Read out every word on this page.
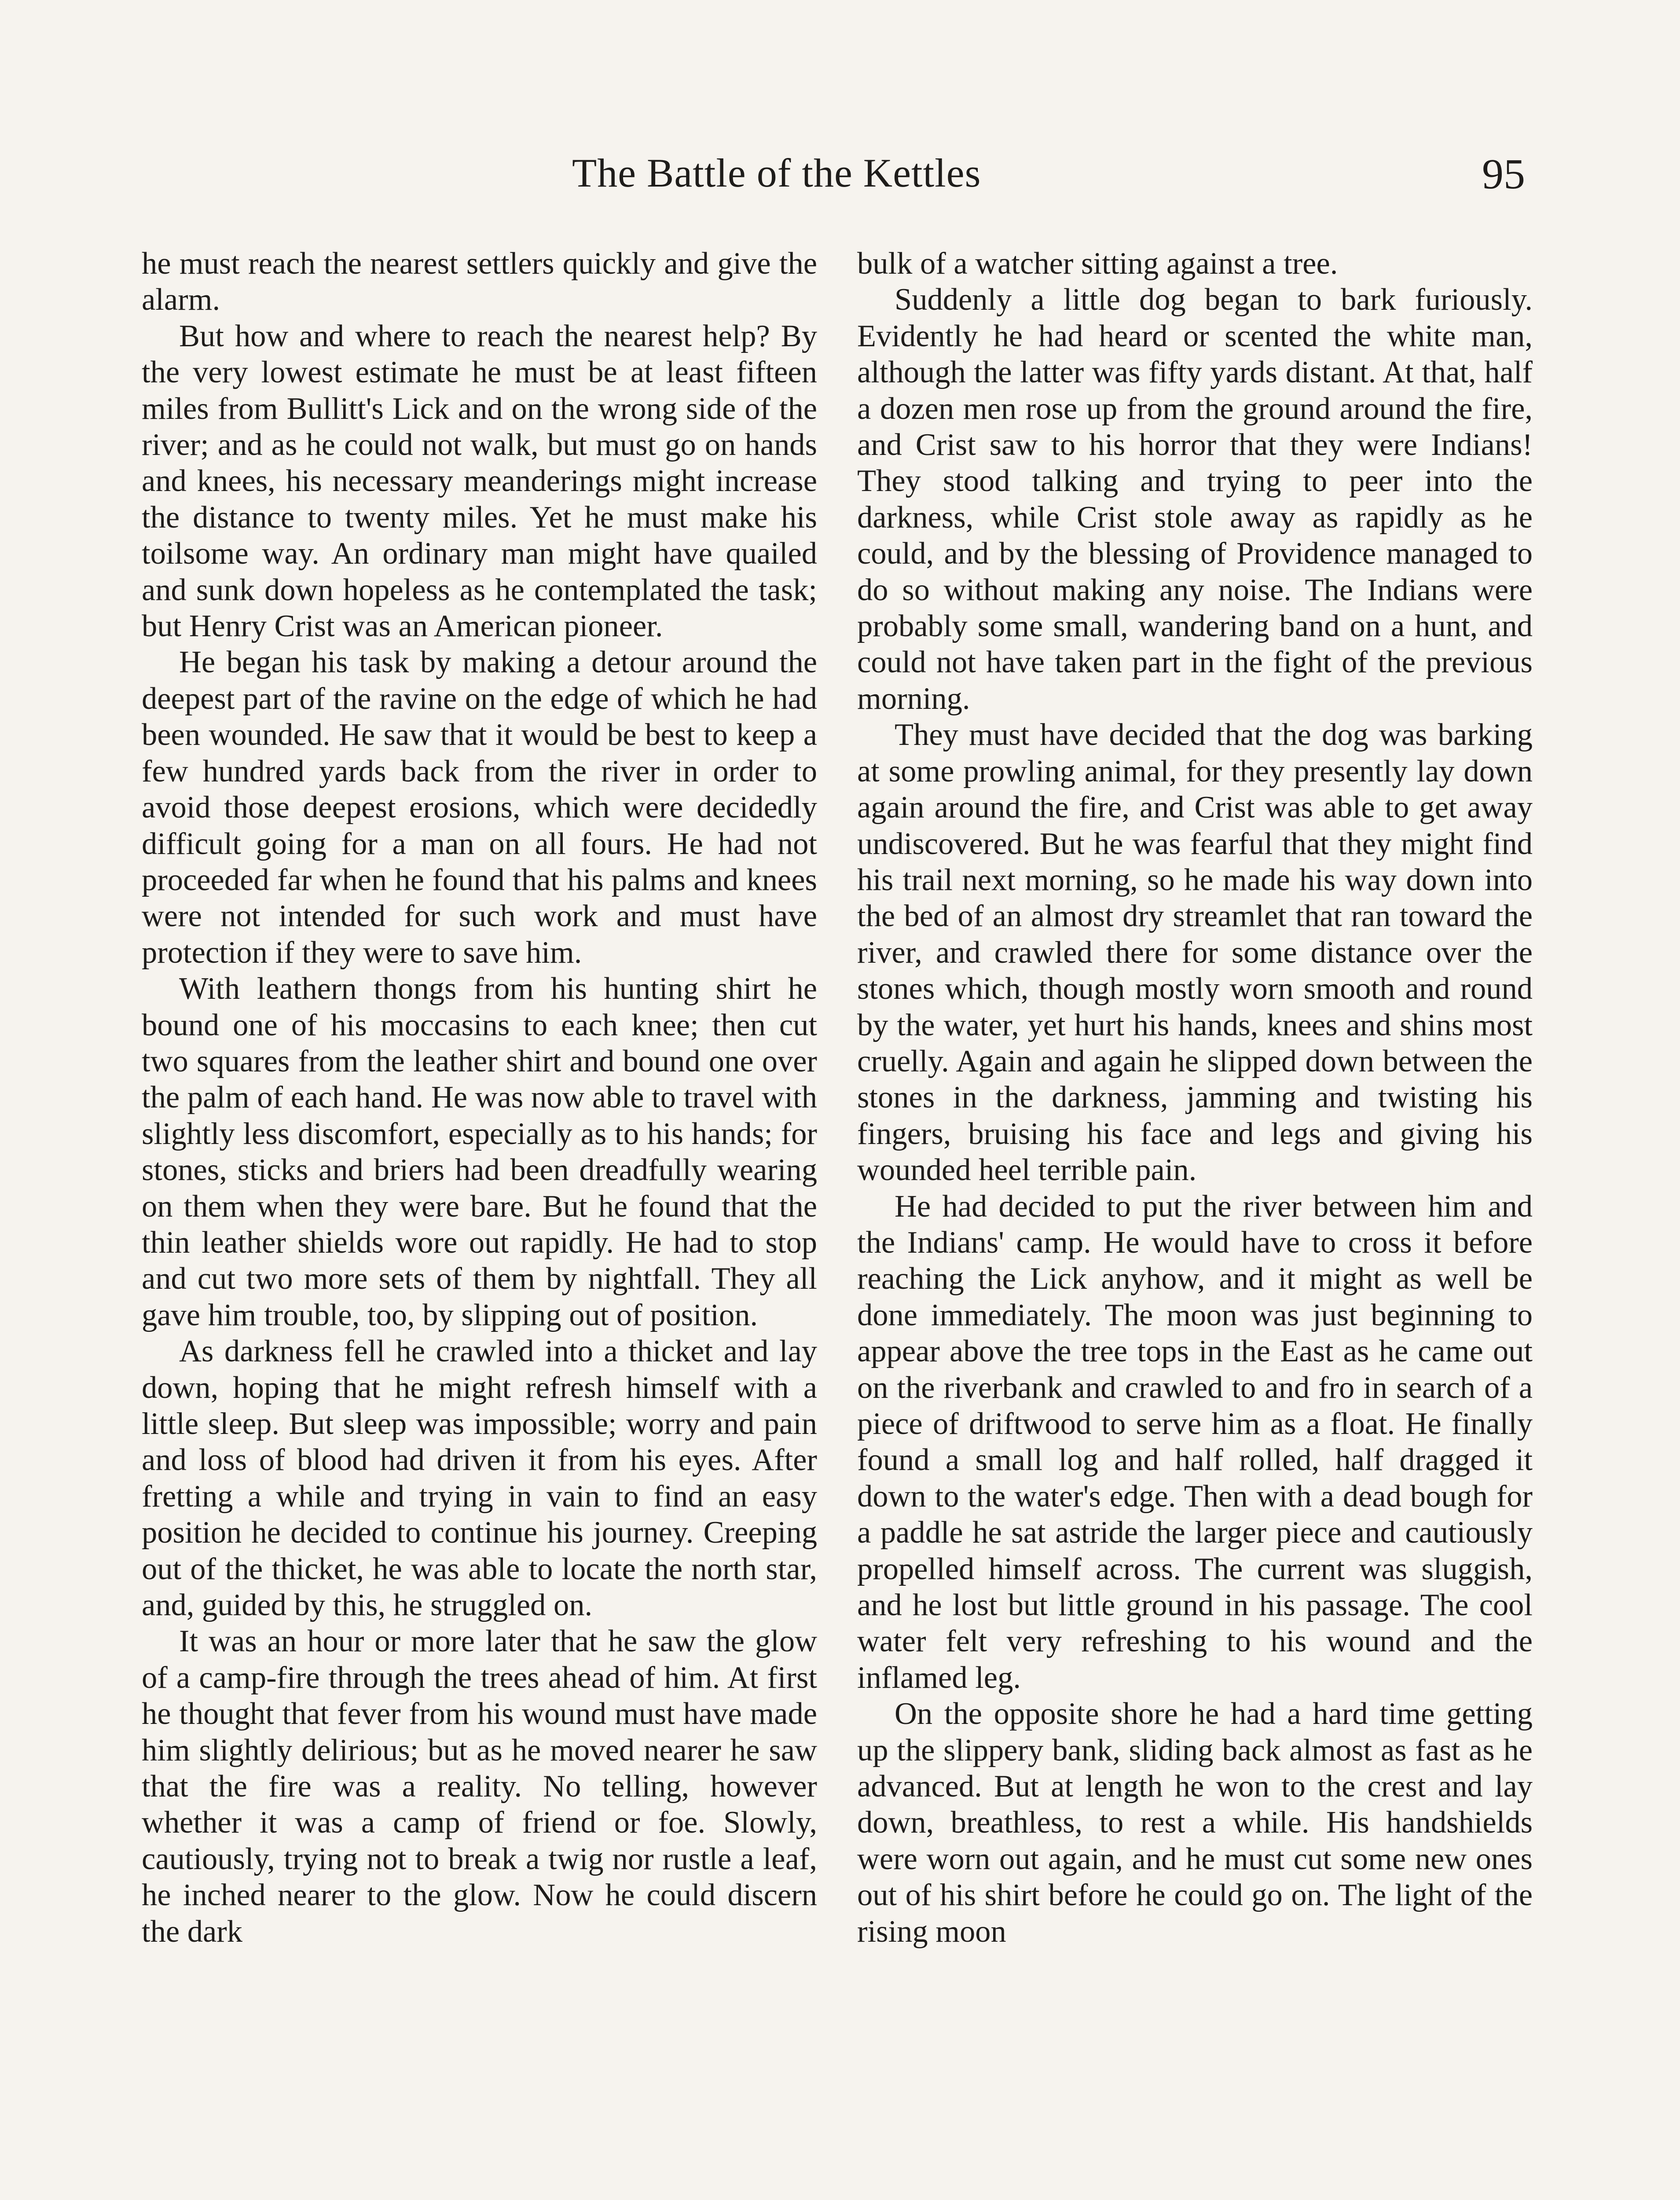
The Battle of the Kettles	95

he must reach the nearest settlers quickly and give the alarm.

But how and where to reach the nearest help? By the very lowest estimate he must be at least fifteen miles from Bullitt's Lick and on the wrong side of the river; and as he could not walk, but must go on hands and knees, his necessary meanderings might increase the distance to twenty miles. Yet he must make his toilsome way. An ordinary man might have quailed and sunk down hopeless as he contemplated the task; but Henry Crist was an American pioneer.

He began his task by making a detour around the deepest part of the ravine on the edge of which he had been wounded. He saw that it would be best to keep a few hundred yards back from the river in order to avoid those deepest erosions, which were decidedly difficult going for a man on all fours. He had not proceeded far when he found that his palms and knees were not intended for such work and must have protection if they were to save him.

With leathern thongs from his hunting shirt he bound one of his moccasins to each knee; then cut two squares from the leather shirt and bound one over the palm of each hand. He was now able to travel with slightly less discomfort, especially as to his hands; for stones, sticks and briers had been dreadfully wearing on them when they were bare. But he found that the thin leather shields wore out rapidly. He had to stop and cut two more sets of them by nightfall. They all gave him trouble, too, by slipping out of position.

As darkness fell he crawled into a thicket and lay down, hoping that he might refresh himself with a little sleep. But sleep was impossible; worry and pain and loss of blood had driven it from his eyes. After fretting a while and trying in vain to find an easy position he decided to continue his journey. Creeping out of the thicket, he was able to locate the north star, and, guided by this, he struggled on.

It was an hour or more later that he saw the glow of a camp-fire through the trees ahead of him. At first he thought that fever from his wound must have made him slightly delirious; but as he moved nearer he saw that the fire was a reality. No telling, however whether it was a camp of friend or foe. Slowly, cautiously, trying not to break a twig nor rustle a leaf, he inched nearer to the glow. Now he could discern the dark

bulk of a watcher sitting against a tree.

Suddenly a little dog began to bark furiously. Evidently he had heard or scented the white man, although the latter was fifty yards distant. At that, half a dozen men rose up from the ground around the fire, and Crist saw to his horror that they were Indians! They stood talking and trying to peer into the darkness, while Crist stole away as rapidly as he could, and by the blessing of Providence managed to do so without making any noise. The Indians were probably some small, wandering band on a hunt, and could not have taken part in the fight of the previous morning.

They must have decided that the dog was barking at some prowling animal, for they presently lay down again around the fire, and Crist was able to get away undiscovered. But he was fearful that they might find his trail next morning, so he made his way down into the bed of an almost dry streamlet that ran toward the river, and crawled there for some distance over the stones which, though mostly worn smooth and round by the water, yet hurt his hands, knees and shins most cruelly. Again and again he slipped down between the stones in the darkness, jamming and twisting his fingers, bruising his face and legs and giving his wounded heel terrible pain.

He had decided to put the river between him and the Indians' camp. He would have to cross it before reaching the Lick anyhow, and it might as well be done immediately. The moon was just beginning to appear above the tree tops in the East as he came out on the riverbank and crawled to and fro in search of a piece of driftwood to serve him as a float. He finally found a small log and half rolled, half dragged it down to the water's edge. Then with a dead bough for a paddle he sat astride the larger piece and cautiously propelled himself across. The current was sluggish, and he lost but little ground in his passage. The cool water felt very refreshing to his wound and the inflamed leg.

On the opposite shore he had a hard time getting up the slippery bank, sliding back almost as fast as he advanced. But at length he won to the crest and lay down, breathless, to rest a while. His handshields were worn out again, and he must cut some new ones out of his shirt before he could go on. The light of the rising moon
